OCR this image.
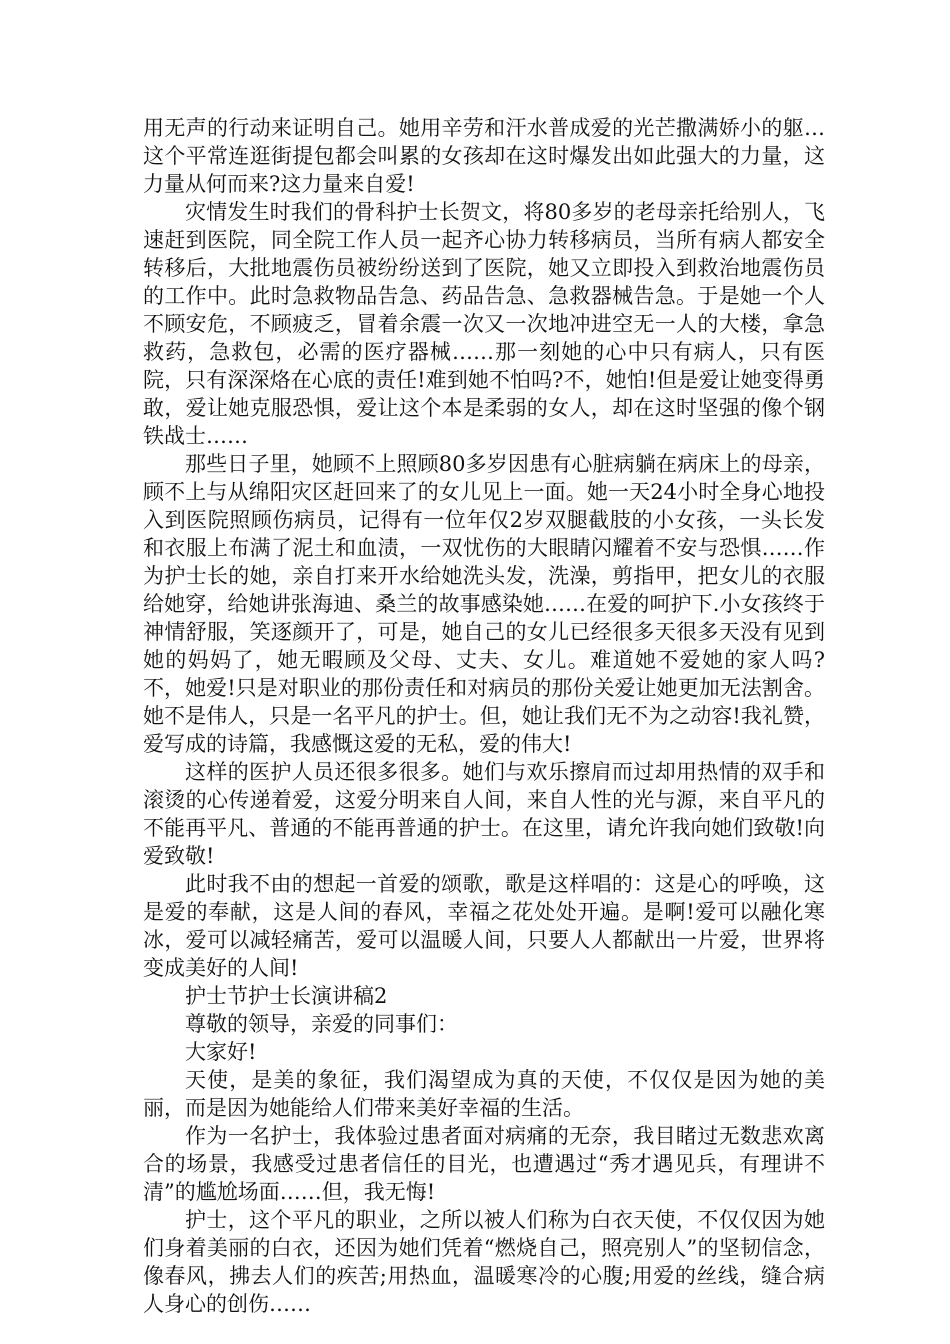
用无声的行动来证明自己。她用辛劳和汗水普成爱的光芒撒满娇小的躯…这个平常连逛街提包都会叫累的女孩却在这时爆发出如此强大的力量，这力量从何而来?这力量来自爱!

灾情发生时我们的骨科护士长贺文，将80多岁的老母亲托给别人，飞速赶到医院，同全院工作人员一起齐心协力转移病员，当所有病人都安全转移后，大批地震伤员被纷纷送到了医院，她又立即投入到救治地震伤员的工作中。此时急救物品告急、药品告急、急救器械告急。于是她一个人不顾安危，不顾疲乏，冒着余震一次又一次地冲进空无一人的大楼，拿急救药，急救包，必需的医疗器械……那一刻她的心中只有病人，只有医院，只有深深烙在心底的责任!难到她不怕吗?不，她怕!但是爱让她变得勇敢，爱让她克服恐惧，爱让这个本是柔弱的女人，却在这时坚强的像个钢铁战士……

那些日子里，她顾不上照顾80多岁因患有心脏病躺在病床上的母亲，顾不上与从绵阳灾区赶回来了的女儿见上一面。她一天24小时全身心地投入到医院照顾伤病员，记得有一位年仅2岁双腿截肢的小女孩，一头长发和衣服上布满了泥土和血渍，一双忧伤的大眼睛闪耀着不安与恐惧……作为护士长的她，亲自打来开水给她洗头发，洗澡，剪指甲，把女儿的衣服给她穿，给她讲张海迪、桑兰的故事感染她……在爱的呵护下.小女孩终于神情舒服，笑逐颜开了，可是，她自己的女儿已经很多天很多天没有见到她的妈妈了，她无暇顾及父母、丈夫、女儿。难道她不爱她的家人吗?不，她爱!只是对职业的那份责任和对病员的那份关爱让她更加无法割舍。她不是伟人，只是一名平凡的护士。但，她让我们无不为之动容!我礼赞，爱写成的诗篇，我感慨这爱的无私，爱的伟大!

这样的医护人员还很多很多。她们与欢乐擦肩而过却用热情的双手和滚烫的心传递着爱，这爱分明来自人间，来自人性的光与源，来自平凡的不能再平凡、普通的不能再普通的护士。在这里，请允许我向她们致敬!向爱致敬!

此时我不由的想起一首爱的颂歌，歌是这样唱的：这是心的呼唤，这是爱的奉献，这是人间的春风，幸福之花处处开遍。是啊!爱可以融化寒冰，爱可以减轻痛苦，爱可以温暖人间，只要人人都献出一片爱，世界将变成美好的人间!

护士节护士长演讲稿2

尊敬的领导，亲爱的同事们：

大家好!

天使，是美的象征，我们渴望成为真的天使，不仅仅是因为她的美丽，而是因为她能给人们带来美好幸福的生活。

作为一名护士，我体验过患者面对病痛的无奈，我目睹过无数悲欢离合的场景，我感受过患者信任的目光，也遭遇过“秀才遇见兵，有理讲不清”的尴尬场面……但，我无悔!

护士，这个平凡的职业，之所以被人们称为白衣天使，不仅仅因为她们身着美丽的白衣，还因为她们凭着“燃烧自己，照亮别人”的坚韧信念，像春风，拂去人们的疾苦;用热血，温暖寒冷的心腹;用爱的丝线，缝合病人身心的创伤……
